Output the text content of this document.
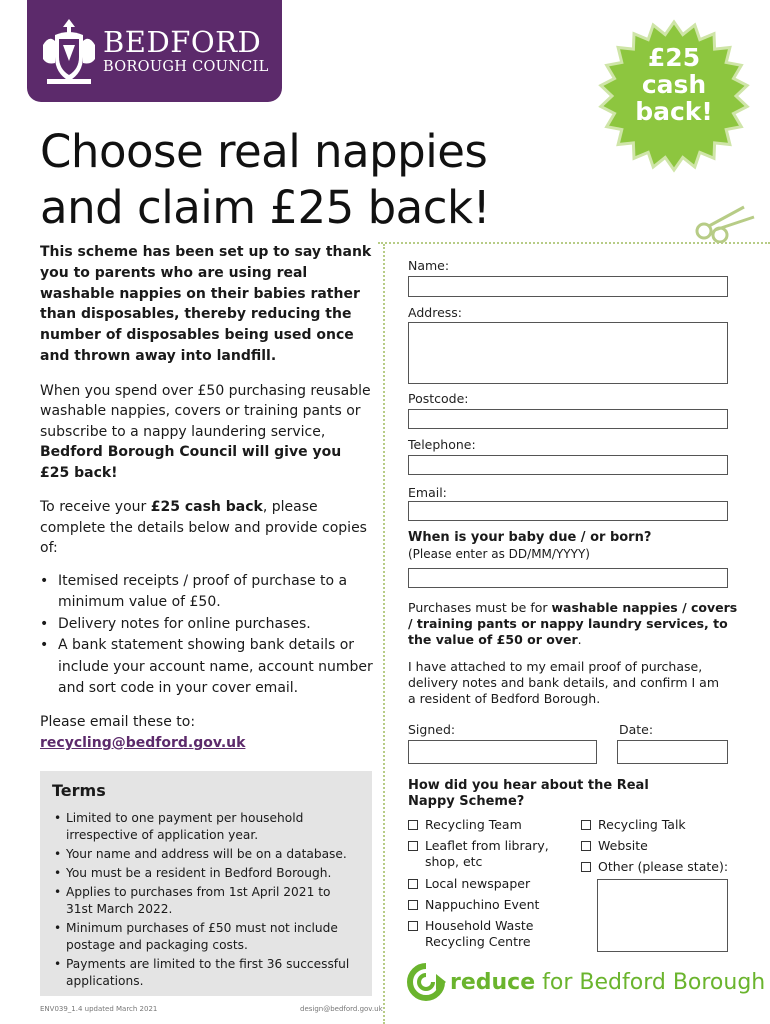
BEDFORD
BOROUGH COUNCIL	£25
cash
back!
Choose real nappies
and claim £25 back!

This scheme has been set up to say thank you to parents who are using real washable nappies on their babies rather than disposables, thereby reducing the number of disposables being used once and thrown away into landfill.

When you spend over £50 purchasing reusable washable nappies, covers or training pants or subscribe to a nappy laundering service, Bedford Borough Council will give you £25 back!

To receive your £25 cash back, please complete the details below and provide copies of:

• Itemised receipts / proof of purchase to a minimum value of £50.
• Delivery notes for online purchases.
• A bank statement showing bank details or include your account name, account number and sort code in your cover email.

Please email these to:
recycling@bedford.gov.uk

Terms
• Limited to one payment per household irrespective of application year.
• Your name and address will be on a database.
• You must be a resident in Bedford Borough.
• Applies to purchases from 1st April 2021 to 31st March 2022.
• Minimum purchases of £50 must not include postage and packaging costs.
• Payments are limited to the first 36 successful applications.
ENV039_1.4 updated March 2021	design@bedford.gov.uk
Name:
Address:
Postcode:
Telephone:
Email:
When is your baby due / or born?
(Please enter as DD/MM/YYYY)

Purchases must be for washable nappies / covers / training pants or nappy laundry services, to the value of £50 or over.

I have attached to my email proof of purchase, delivery notes and bank details, and confirm I am a resident of Bedford Borough.

Signed:	Date:
How did you hear about the Real Nappy Scheme?
Recycling Team
Leaflet from library, shop, etc
Local newspaper
Nappuchino Event
Household Waste Recycling Centre
Recycling Talk
Website
Other (please state):
reduce for Bedford Borough
